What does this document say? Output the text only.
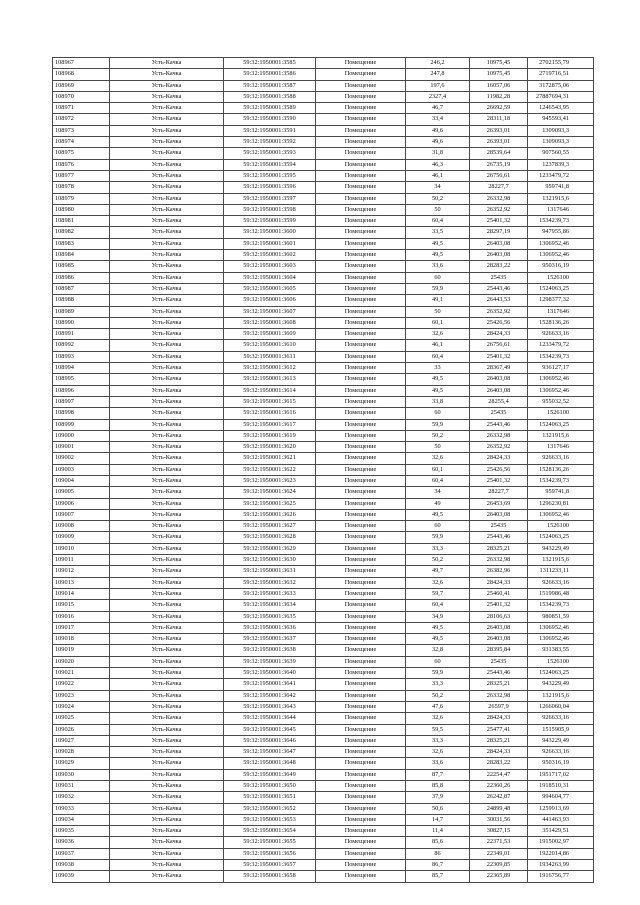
108967	Усть-Качка	59:32:1950001:3585	Помещение	246,2	10975,45	2702155,79
108968	Усть-Качка	59:32:1950001:3586	Помещение	247,8	10975,45	2719716,51
108969	Усть-Качка	59:32:1950001:3587	Помещение	197,6	16057,06	3172875,06
108970	Усть-Качка	59:32:1950001:3588	Помещение	2327,4	11982,28	27887694,31
108971	Усть-Качка	59:32:1950001:3589	Помещение	46,7	26692,59	1246543,95
108972	Усть-Качка	59:32:1950001:3590	Помещение	33,4	28311,18	945593,41
108973	Усть-Качка	59:32:1950001:3591	Помещение	49,6	26393,01	1309093,3
108974	Усть-Качка	59:32:1950001:3592	Помещение	49,6	26393,01	1309093,3
108975	Усть-Качка	59:32:1950001:3593	Помещение	31,8	28539,64	907560,55
108976	Усть-Качка	59:32:1950001:3594	Помещение	46,3	26735,19	1237839,3
108977	Усть-Качка	59:32:1950001:3595	Помещение	46,1	26756,61	1233479,72
108978	Усть-Качка	59:32:1950001:3596	Помещение	34	28227,7	959741,8
108979	Усть-Качка	59:32:1950001:3597	Помещение	50,2	26332,98	1321915,6
108980	Усть-Качка	59:32:1950001:3598	Помещение	50	26352,92	1317646
108981	Усть-Качка	59:32:1950001:3599	Помещение	60,4	25401,32	1534239,73
108982	Усть-Качка	59:32:1950001:3600	Помещение	33,5	28297,19	947955,86
108983	Усть-Качка	59:32:1950001:3601	Помещение	49,5	26403,08	1306952,46
108984	Усть-Качка	59:32:1950001:3602	Помещение	49,5	26403,08	1306952,46
108985	Усть-Качка	59:32:1950001:3603	Помещение	33,6	28283,22	950316,19
108986	Усть-Качка	59:32:1950001:3604	Помещение	60	25435	1526100
108987	Усть-Качка	59:32:1950001:3605	Помещение	59,9	25443,46	1524063,25
108988	Усть-Качка	59:32:1950001:3606	Помещение	49,1	26443,53	1298377,32
108989	Усть-Качка	59:32:1950001:3607	Помещение	50	26352,92	1317646
108990	Усть-Качка	59:32:1950001:3608	Помещение	60,1	25426,56	1528136,26
108991	Усть-Качка	59:32:1950001:3609	Помещение	32,6	28424,33	926633,16
108992	Усть-Качка	59:32:1950001:3610	Помещение	46,1	26756,61	1233479,72
108993	Усть-Качка	59:32:1950001:3611	Помещение	60,4	25401,32	1534239,73
108994	Усть-Качка	59:32:1950001:3612	Помещение	33	28367,49	936127,17
108995	Усть-Качка	59:32:1950001:3613	Помещение	49,5	26403,08	1306952,46
108996	Усть-Качка	59:32:1950001:3614	Помещение	49,5	26403,08	1306952,46
108997	Усть-Качка	59:32:1950001:3615	Помещение	33,8	28255,4	955032,52
108998	Усть-Качка	59:32:1950001:3616	Помещение	60	25435	1526100
108999	Усть-Качка	59:32:1950001:3617	Помещение	59,9	25443,46	1524063,25
109000	Усть-Качка	59:32:1950001:3619	Помещение	50,2	26332,98	1321915,6
109001	Усть-Качка	59:32:1950001:3620	Помещение	50	26352,92	1317646
109002	Усть-Качка	59:32:1950001:3621	Помещение	32,6	28424,33	926633,16
109003	Усть-Качка	59:32:1950001:3622	Помещение	60,1	25426,56	1528136,26
109004	Усть-Качка	59:32:1950001:3623	Помещение	60,4	25401,32	1534239,73
109005	Усть-Качка	59:32:1950001:3624	Помещение	34	28227,7	959741,8
109006	Усть-Качка	59:32:1950001:3625	Помещение	49	26453,69	1296230,81
109007	Усть-Качка	59:32:1950001:3626	Помещение	49,5	26403,08	1306952,46
109008	Усть-Качка	59:32:1950001:3627	Помещение	60	25435	1526100
109009	Усть-Качка	59:32:1950001:3628	Помещение	59,9	25443,46	1524063,25
109010	Усть-Качка	59:32:1950001:3629	Помещение	33,3	28325,21	943229,49
109011	Усть-Качка	59:32:1950001:3630	Помещение	50,2	26332,98	1321915,6
109012	Усть-Качка	59:32:1950001:3631	Помещение	49,7	26382,96	1311233,11
109013	Усть-Качка	59:32:1950001:3632	Помещение	32,6	28424,33	926633,16
109014	Усть-Качка	59:32:1950001:3633	Помещение	59,7	25460,41	1519986,48
109015	Усть-Качка	59:32:1950001:3634	Помещение	60,4	25401,32	1534239,73
109016	Усть-Качка	59:32:1950001:3635	Помещение	34,9	28106,63	980851,59
109017	Усть-Качка	59:32:1950001:3636	Помещение	49,5	26403,08	1306952,46
109018	Усть-Качка	59:32:1950001:3637	Помещение	49,5	26403,08	1306952,46
109019	Усть-Качка	59:32:1950001:3638	Помещение	32,8	28395,84	931383,55
109020	Усть-Качка	59:32:1950001:3639	Помещение	60	25435	1526100
109021	Усть-Качка	59:32:1950001:3640	Помещение	59,9	25443,46	1524063,25
109022	Усть-Качка	59:32:1950001:3641	Помещение	33,3	28325,21	943229,49
109023	Усть-Качка	59:32:1950001:3642	Помещение	50,2	26332,98	1321915,6
109024	Усть-Качка	59:32:1950001:3643	Помещение	47,6	26597,9	1266060,04
109025	Усть-Качка	59:32:1950001:3644	Помещение	32,6	28424,33	926633,16
109026	Усть-Качка	59:32:1950001:3645	Помещение	59,5	25477,41	1515905,9
109027	Усть-Качка	59:32:1950001:3646	Помещение	33,3	28325,21	943229,49
109028	Усть-Качка	59:32:1950001:3647	Помещение	32,6	28424,33	926633,16
109029	Усть-Качка	59:32:1950001:3648	Помещение	33,6	28283,22	950316,19
109030	Усть-Качка	59:32:1950001:3649	Помещение	87,7	22254,47	1951717,02
109031	Усть-Качка	59:32:1950001:3650	Помещение	85,8	22360,26	1918510,31
109032	Усть-Качка	59:32:1950001:3651	Помещение	37,9	26242,87	994604,77
109033	Усть-Качка	59:32:1950001:3652	Помещение	50,6	24899,48	1259913,69
109034	Усть-Качка	59:32:1950001:3653	Помещение	14,7	30031,56	441463,93
109035	Усть-Качка	59:32:1950001:3654	Помещение	11,4	30827,15	351429,51
109036	Усть-Качка	59:32:1950001:3655	Помещение	85,6	22371,53	1915002,97
109037	Усть-Качка	59:32:1950001:3656	Помещение	86	22349,01	1922014,86
109038	Усть-Качка	59:32:1950001:3657	Помещение	86,7	22309,85	1934263,99
109039	Усть-Качка	59:32:1950001:3658	Помещение	85,7	22365,89	1916756,77
